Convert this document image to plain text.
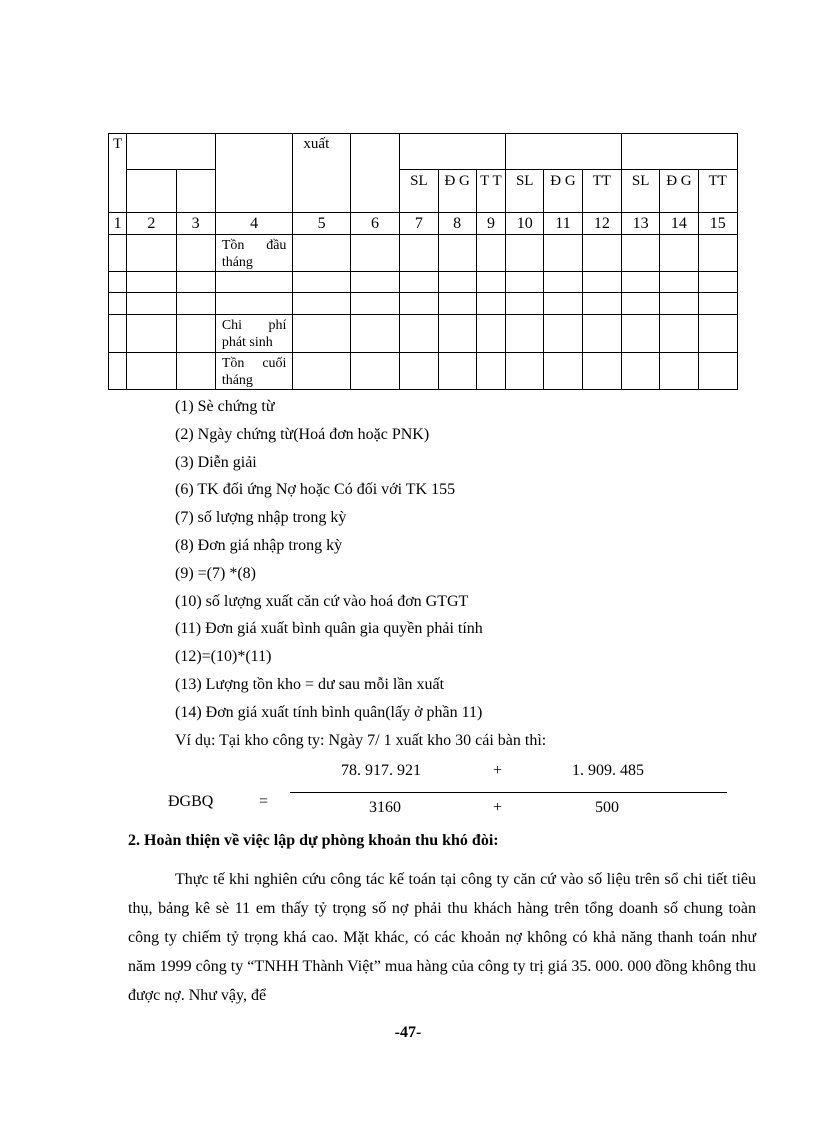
T				xuất										
						SL	Đ G	T T	SL	Đ G	TT	SL	Đ G	TT
1	2	3	4	5	6	7	8	9	10	11	12	13	14	15
			Tồn đầu tháng											

			Chi phí phát sinh											
			Tồn cuối tháng											
(1) Sè chứng từ
(2) Ngày chứng từ(Hoá đơn hoặc PNK)
(3) Diễn giải
(6) TK đối ứng Nợ hoặc Có đối với TK 155
(7) số lượng nhập trong kỳ
(8) Đơn giá nhập trong kỳ
(9) =(7) *(8)
(10) số lượng xuất căn cứ vào hoá đơn GTGT
(11) Đơn giá xuất bình quân gia quyền phải tính
(12)=(10)*(11)
(13) Lượng tồn kho = dư sau mỗi lần xuất
(14) Đơn giá xuất tính bình quân(lấy ở phần 11)
Ví dụ: Tại kho công ty: Ngày 7/ 1 xuất kho 30 cái bàn thì:
78. 917. 921	+	1. 909. 485
ĐGBQ	=	3160	+	500
2. Hoàn thiện về việc lập dự phòng khoản thu khó đòi:

Thực tế khi nghiên cứu công tác kế toán tại công ty căn cứ vào số liệu trên sổ chi tiết tiêu thụ, bảng kê sè 11 em thấy tỷ trọng số nợ phải thu khách hàng trên tổng doanh số chung toàn công ty chiếm tỷ trọng khá cao. Mặt khác, có các khoản nợ không có khả năng thanh toán như năm 1999 công ty “TNHH Thành Việt” mua hàng của công ty trị giá 35. 000. 000 đồng không thu được nợ. Như vậy, để

-47-
